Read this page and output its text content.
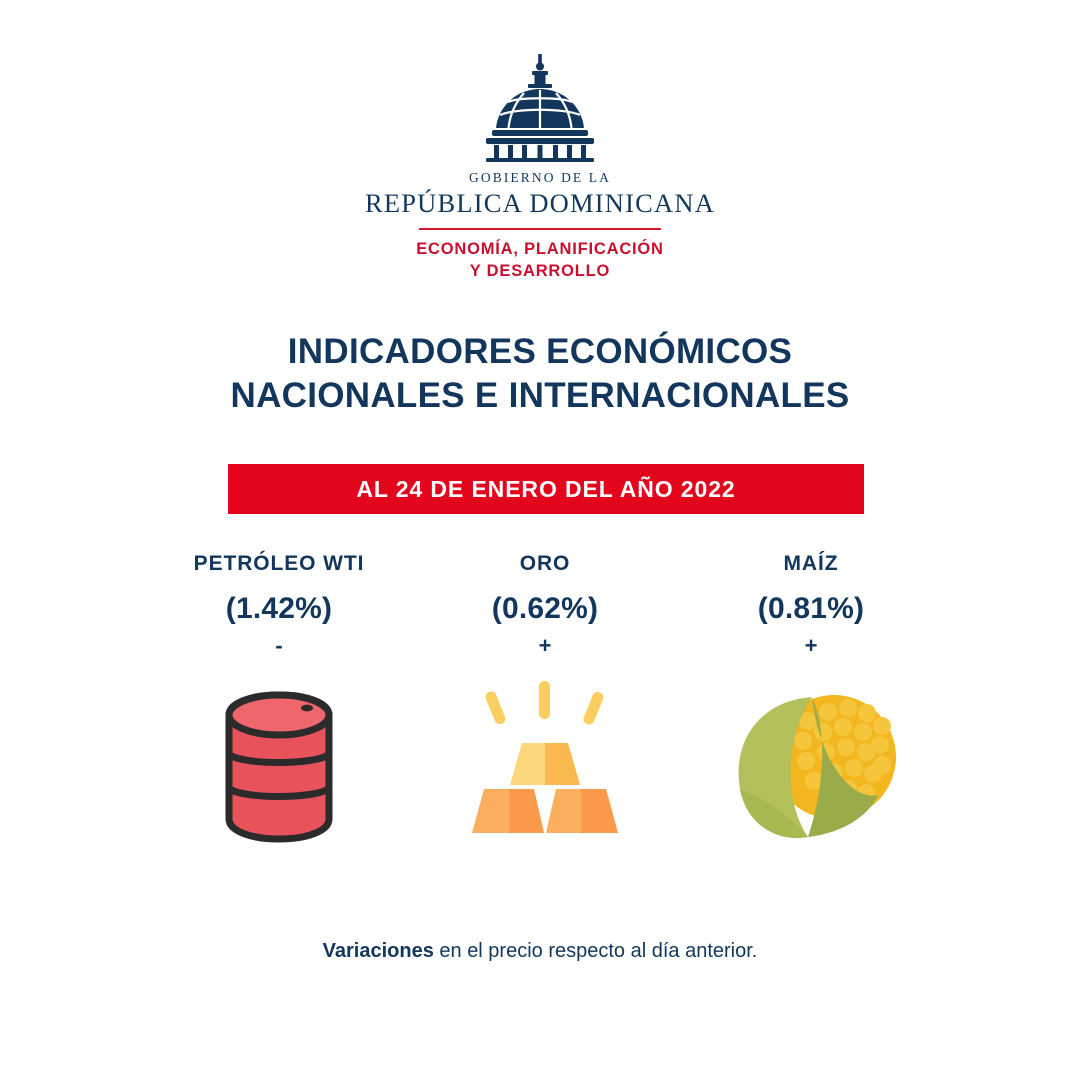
GOBIERNO DE LA
REPÚBLICA DOMINICANA
ECONOMÍA, PLANIFICACIÓN
Y DESARROLLO
INDICADORES ECONÓMICOS
NACIONALES E INTERNACIONALES
AL 24 DE ENERO DEL AÑO 2022
PETRÓLEO WTI
(1.42%)
-
ORO
(0.62%)
+
MAÍZ
(0.81%)
+
Variaciones en el precio respecto al día anterior.
